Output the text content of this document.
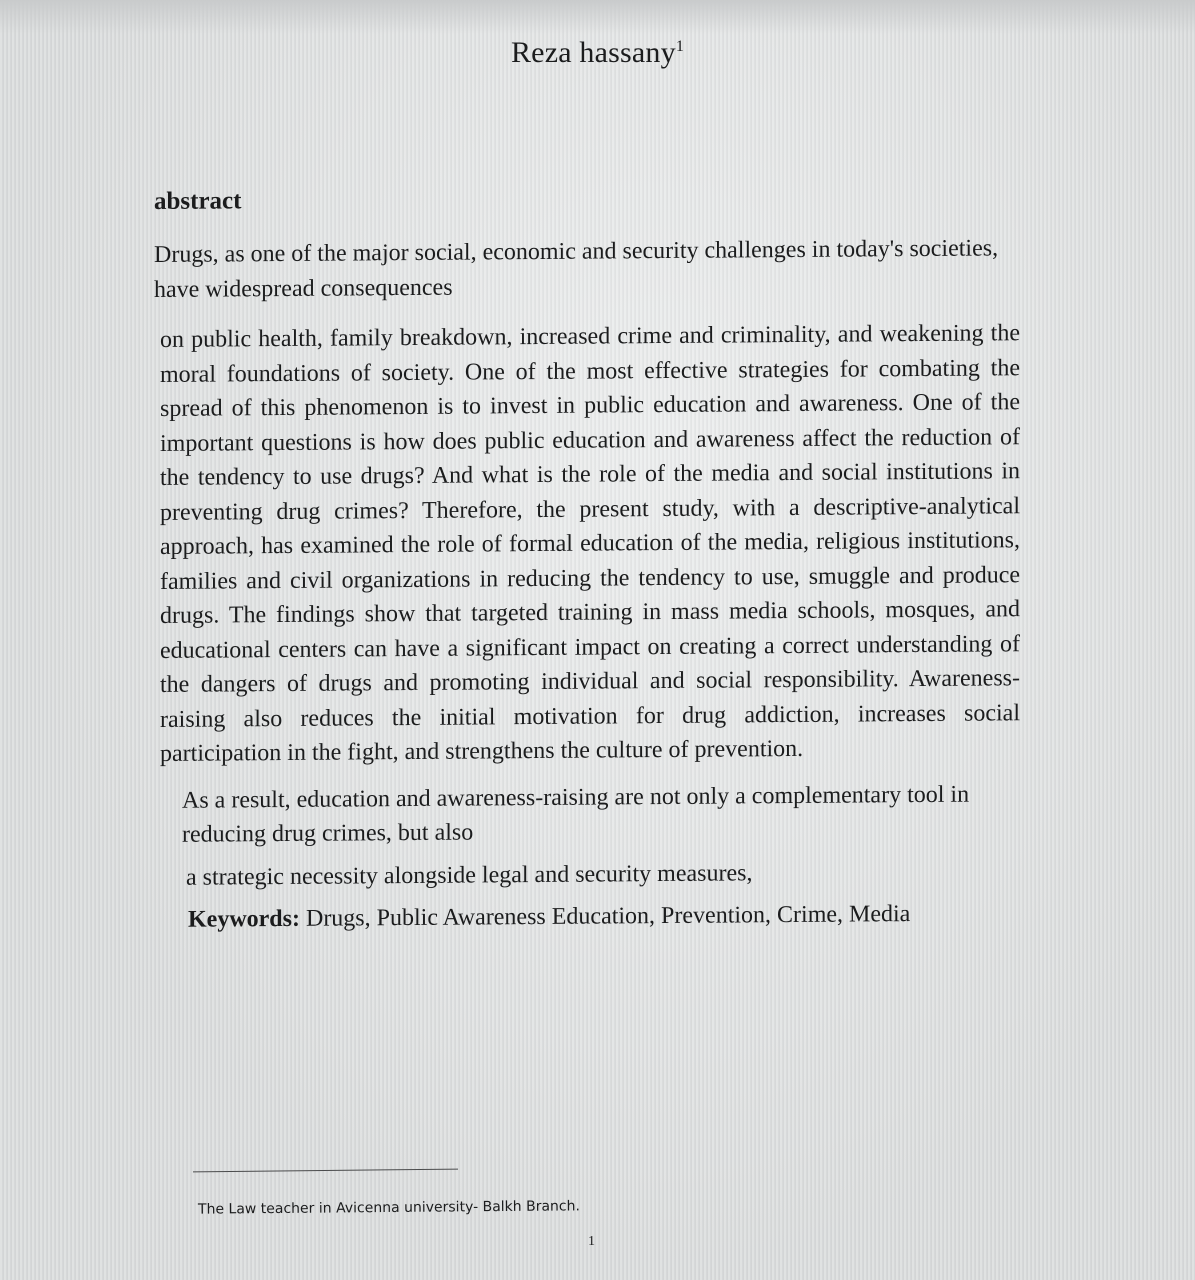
Reza hassany$^1$
abstract

Drugs, as one of the major social, economic and security challenges in today's societies, have widespread consequences

on public health, family breakdown, increased crime and criminality, and weakening the moral foundations of society. One of the most effective strategies for combating the spread of this phenomenon is to invest in public education and awareness. One of the important questions is how does public education and awareness affect the reduction of the tendency to use drugs? And what is the role of the media and social institutions in preventing drug crimes? Therefore, the present study, with a descriptive-analytical approach, has examined the role of formal education of the media, religious institutions, families and civil organizations in reducing the tendency to use, smuggle and produce drugs. The findings show that targeted training in mass media schools, mosques, and educational centers can have a significant impact on creating a correct understanding of the dangers of drugs and promoting individual and social responsibility. Awareness-raising also reduces the initial motivation for drug addiction, increases social participation in the fight, and strengthens the culture of prevention.

As a result, education and awareness-raising are not only a complementary tool in reducing drug crimes, but also

a strategic necessity alongside legal and security measures,

Keywords: Drugs, Public Awareness Education, Prevention, Crime, Media

The Law teacher in Avicenna university- Balkh Branch.
1
